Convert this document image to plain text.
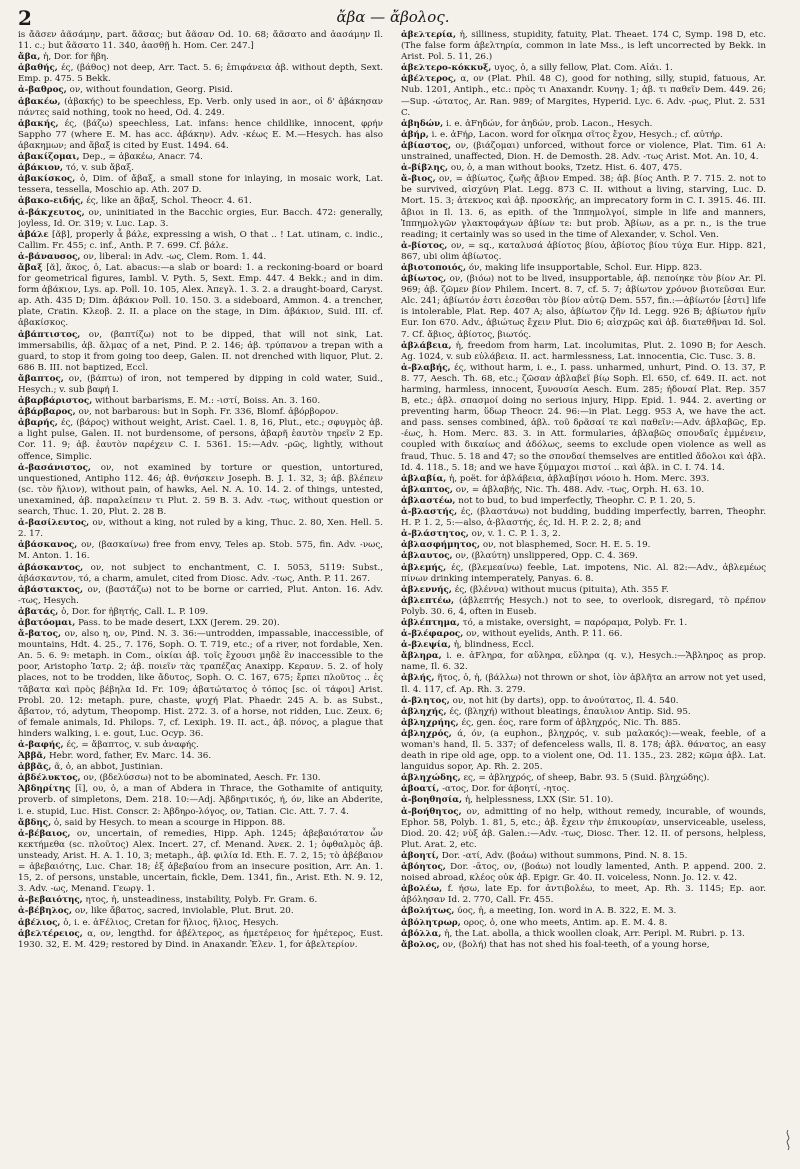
2	ἄβα — ἄβολος.

is ἄᾶσεν ἀᾶσάμην, part. ἄᾶσας; but ἄᾶσαν Od. 10. 68; ἄᾶσατο and ἀασάμην Il. 11. c.; but ἄᾶσατο 11. 340, ἀασθῇ h. Hom. Cer. 247.]

ἄβα, ἡ, Dor. for ἥβη.

ἀβαθής, ές, (βάθος) not deep, Arr. Tact. 5. 6; ἐπιφάνεια ἀβ. without depth, Sext. Emp. p. 475. 5 Bekk.

ἀ-βαθρος, ον, without foundation, Georg. Pisid.

ἀβακέω, (ἀβακής) to be speechless, Ep. Verb. only used in aor., οἱ δ' ἀβάκησαν πάντες said nothing, took no heed, Od. 4. 249.

ἀβακής, ές, (βάζω) speechless, Lat. infans: hence childlike, innocent, φρήν Sappho 77 (where E. M. has acc. ἀβάκην). Adv. -κέως E. M.—Hesych. has also ἀβακημων; and ἄβαξ is cited by Eust. 1494. 64.

ἀβακίζομαι, Dep., = ἀβακέω, Anacr. 74.

ἀβάκιον, τό, v. sub ἄβαξ.

ἀβακίσκος, ὁ, Dim. of ἄβαξ, a small stone for inlaying, in mosaic work, Lat. tessera, tessella, Moschio ap. Ath. 207 D.

ἀβακο-ειδής, ές, like an ἄβαξ, Schol. Theocr. 4. 61.

ἀ-βάκχευτος, ον, uninitiated in the Bacchic orgies, Eur. Bacch. 472: generally, joyless, Id. Or. 319; v. Luc. Lap. 3.

ἀβάλε [ᾰβ], properly ἆ βάλε, expressing a wish, O that .. ! Lat. utinam, c. indic., Callim. Fr. 455; c. inf., Anth. P. 7. 699. Cf. βάλε.

ἀ-βάναυσος, ον, liberal: in Adv. -ως, Clem. Rom. 1. 44.

ἄβαξ [ᾰ], ἄκος, ὁ, Lat. abacus:—a slab or board: 1. a reckoning-board or board for geometrical figures, Iambl. V. Pyth. 5, Sext. Emp. 447. 4 Bekk.; and in dim. form ἀβάκιον, Lys. ap. Poll. 10. 105, Alex. Ἀπεγλ. 1. 3. 2. a draught-board, Caryst. ap. Ath. 435 D; Dim. ἀβάκιον Poll. 10. 150. 3. a sideboard, Ammon. 4. a trencher, plate, Cratin. Κλεοβ. 2. II. a place on the stage, in Dim. ἀβάκιον, Suid. III. cf. ἀβακίσκος.

ἀβάπτιστος, ον, (βαπτίζω) not to be dipped, that will not sink, Lat. immersabilis, ἀβ. ἅλμας of a net, Pind. P. 2. 146; ἀβ. τρύπανον a trepan with a guard, to stop it from going too deep, Galen. II. not drenched with liquor, Plut. 2. 686 B. III. not baptized, Eccl.

ἄβαπτος, ον, (βάπτω) of iron, not tempered by dipping in cold water, Suid., Hesych.; v. sub βαφή I.

ἀβαρβάριστος, without barbarisms, E. M.: -ιστί, Boiss. An. 3. 160.

ἀβάρβαρος, ον, not barbarous: but in Soph. Fr. 336, Blomf. ἀβόρβορον.

ἀβαρής, ές, (βάρος) without weight, Arist. Cael. 1. 8, 16, Plut., etc.; σφυγμὸς ἀβ. a light pulse, Galen. II. not burdensome, of persons, ἀβαρῆ ἑαυτὸν τηρεῖν 2 Ep. Cor. 11. 9; ἀβ. ἑαυτὸν παρέχειν C. I. 5361. 15:—Adv. -ρῶς, lightly, without offence, Simplic.

ἀ-βασάνιστος, ον, not examined by torture or question, untortured, unquestioned, Antipho 112. 46; ἀβ. θνήσκειν Joseph. B. J. 1. 32, 3; ἀβ. βλέπειν (sc. τὸν ἥλιον), without pain, of hawks, Ael. N. A. 10. 14. 2. of things, untested, unexamined, ἀβ. παραλείπειν τι Plut. 2. 59 B. 3. Adv. -τως, without question or search, Thuc. 1. 20, Plut. 2. 28 B.

ἀ-βασίλευτος, ον, without a king, not ruled by a king, Thuc. 2. 80, Xen. Hell. 5. 2. 17.

ἀβάσκανος, ον, (βασκαίνω) free from envy, Teles ap. Stob. 575, fin. Adv. -νως, M. Anton. 1. 16.

ἀβάσκαντος, ον, not subject to enchantment, C. I. 5053, 5119: Subst., ἀβάσκαντον, τό, a charm, amulet, cited from Diosc. Adv. -τως, Anth. P. 11. 267.

ἀβάστακτος, ον, (βαστάζω) not to be borne or carried, Plut. Anton. 16. Adv. -τως, Hesych.

ἀβατάς, ὁ, Dor. for ἡβητής, Call. L. P. 109.

ἀβατόομαι, Pass. to be made desert, LXX (Jerem. 29. 20).

ἄ-βατος, ον, also η, ον, Pind. N. 3. 36:—untrodden, impassable, inaccessible, of mountains, Hdt. 4. 25., 7. 176, Soph. O. T. 719, etc.; of a river, not fordable, Xen. An. 5. 6. 9: metaph. in Com., οἰκίαι ἀβ. τοῖς ἔχουσι μηδὲ ἓν inaccessible to the poor, Aristopho Ἰατρ. 2; ἀβ. ποιεῖν τὰς τραπέζας Anaxipp. Κεραυν. 5. 2. of holy places, not to be trodden, like ἄδυτος, Soph. O. C. 167, 675; ἔρπει πλοῦτος .. ἐς τἄβατα καὶ πρὸς βέβηλα Id. Fr. 109; ἀβατώτατος ὁ τόπος [sc. οἱ τάφοι] Arist. Probl. 20. 12: metaph. pure, chaste, ψυχή Plat. Phaedr. 245 A. b. as Subst., ἄβατον, τό, adytum, Theopomp. Hist. 272. 3. of a horse, not ridden, Luc. Zeux. 6; of female animals, Id. Philops. 7, cf. Lexiph. 19. II. act., ἀβ. πόνος, a plague that hinders walking, i. e. gout, Luc. Ocyp. 36.

ἀ-βαφής, ές, = ἄβαπτος, v. sub ἀναφής.

Ἀββᾶ, Hebr. word, father, Ev. Marc. 14. 36.

ἀββᾶς, ᾶ, ὁ, an abbot, Justinian.

ἀβδέλυκτος, ον, (βδελύσσω) not to be abominated, Aesch. Fr. 130.

Ἀβδηρίτης [ῑ], ου, ὁ, a man of Abdera in Thrace, the Gothamite of antiquity, proverb. of simpletons, Dem. 218. 10:—Adj. Ἀβδηριτικός, ή, όν, like an Abderite, i. e. stupid, Luc. Hist. Conscr. 2: Ἀβδηρο-λόγος, ον, Tatian. Cic. Att. 7. 7. 4.

ἄβδης, ὁ, said by Hesych. to mean a scourge in Hippon. 88.

ἀ-βέβαιος, ον, uncertain, of remedies, Hipp. Aph. 1245; ἀβεβαιότατον ὧν κεκτήμεθα (sc. πλοῦτος) Alex. Incert. 27, cf. Menand. Ἀνεκ. 2. 1; ὀφθαλμὸς ἀβ. unsteady, Arist. H. A. 1. 10, 3; metaph., ἀβ. φιλία Id. Eth. E. 7. 2, 15; τὸ ἀβέβαιον = ἀβεβαιότης, Luc. Char. 18; ἐξ ἀβεβαίου from an insecure position, Arr. An. 1. 15, 2. of persons, unstable, uncertain, fickle, Dem. 1341, fin., Arist. Eth. N. 9. 12, 3. Adv. -ως, Menand. Γεωργ. 1.

ἀ-βεβαιότης, ητος, ἡ, unsteadiness, instability, Polyb. Fr. Gram. 6.

ἀ-βέβηλος, ον, like ἄβατος, sacred, inviolable, Plut. Brut. 20.

ἀβέλιος, ὁ, i. e. ἀFέλιος, Cretan for ἥλιος, ἥλιος, Hesych.

ἀβελτέρειος, α, ον, lengthd. for ἀβέλτερος, as ἡμετέρειος for ἡμέτερος, Eust. 1930. 32, E. M. 429; restored by Dind. in Anaxandr. Ἑλεν. 1, for ἀβελτερίον.

ἀβελτερία, ἡ, silliness, stupidity, fatuity, Plat. Theaet. 174 C, Symp. 198 D, etc. (The false form ἀβελτηρία, common in late Mss., is left uncorrected by Bekk. in Arist. Pol. 5. 11, 26.)

ἀβελτερο-κόκκυξ, υγος, ὁ, a silly fellow, Plat. Com. Αἰάι. 1.

ἀβέλτερος, α, ον (Plat. Phil. 48 C), good for nothing, silly, stupid, fatuous, Ar. Nub. 1201, Antiph., etc.: πρὸς τι Anaxandr. Κυνηγ. 1; ἀβ. τι παθεῖν Dem. 449. 26;—Sup. -ώτατος, Ar. Ran. 989; of Margites, Hyperid. Lyc. 6. Adv. -ρως, Plut. 2. 531 C.

ἀβηδών, i. e. ἀFηδών, for ἀηδών, prob. Lacon., Hesych.

ἀβήρ, i. e. ἀFήρ, Lacon. word for οἴκημα σῖτος ἔχον, Hesych.; cf. αὐτήρ.

ἀβίαστος, ον, (βιάζομαι) unforced, without force or violence, Plat. Tim. 61 A: unstrained, unaffected, Dion. H. de Demosth. 28. Adv. -τως Arist. Mot. An. 10, 4.

ἀ-βίβλης, ου, ὁ, a man without books, Tzetz. Hist. 6. 407, 475.

ἄ-βιος, ον, = ἀβίωτος, ζωῆς ἄβιον Emped. 38; ἀβ. βίος Anth. P. 7. 715. 2. not to be survived, αἰσχύνη Plat. Legg. 873 C. II. without a living, starving, Luc. D. Mort. 15. 3; ἀτεκνος καὶ ἀβ. προσκλής, an imprecatory form in C. I. 3915. 46. III. ἄβιοι in Il. 13. 6, as epith. of the Ἱππημολγοί, simple in life and manners, Ἱππημολγῶν γλακτοφάγων ἀβίων τε: but prob. Ἀβίων, as a pr. n., is the true reading; it certainly was so used in the time of Alexander, v. Schol. Ven.

ἀ-βίοτος, ον, = sq., καταλυσά ἀβίοτος βίου, ἀβίοτος βίου τύχα Eur. Hipp. 821, 867, ubi olim ἀβίωτος.

ἀβιοτοποιός, όν, making life insupportable, Schol. Eur. Hipp. 823.

ἀβίωτος, ον, (βιόω) not to be lived, insupportable, ἀβ. πεποίηκε τὸν βίον Ar. Pl. 969; ἀβ. ζῶμεν βίον Philem. Incert. 8. 7, cf. 5. 7; ἀβίωτον χρόνον βιοτεῦσαι Eur. Alc. 241; ἀβίωτόν ἐστι ἐσεσθαι τὸν βίον αὐτῷ Dem. 557, fin.:—ἀβίωτόν [ἐστι] life is intolerable, Plat. Rep. 407 A; also, ἀβίωτον ζῆν Id. Legg. 926 B; ἀβίωτον ἡμῖν Eur. Ion 670. Adv., ἀβιώτως ἔχειν Plut. Dio 6; αἰσχρῶς καὶ ἀβ. διατεθῆναι Id. Sol. 7. Cf. ἄβιος, ἀβίοτος, βιωτός.

ἀβλάβεια, ἡ, freedom from harm, Lat. incolumitas, Plut. 2. 1090 B; for Aesch. Ag. 1024, v. sub εὐλάβεια. II. act. harmlessness, Lat. innocentia, Cic. Tusc. 3. 8.

ἀ-βλαβής, ές, without harm, i. e., I. pass. unharmed, unhurt, Pind. O. 13. 37, P. 8. 77, Aesch. Th. 68, etc.; ζῶσαν ἀβλαβεῖ βίῳ Soph. El. 650, cf. 649. II. act. not harming, harmless, innocent, ξυνουσία Aesch. Eum. 285; ἡδοναί Plat. Rep. 357 B, etc.; ἀβλ. σπασμοί doing no serious injury, Hipp. Epid. 1. 944. 2. averting or preventing harm, ὕδωρ Theocr. 24. 96:—in Plat. Legg. 953 A, we have the act. and pass. senses combined, ἀβλ. τοῦ δρᾶσαί τε καὶ παθεῖν:—Adv. ἀβλαβῶς, Ep. -έως, h. Hom. Merc. 83. 3. in Att. formularies, ἀβλαβῶς σπονδαῖς ἐμμένειν, coupled with δικαίως and ἀδόλως, seems to exclude open violence as well as fraud, Thuc. 5. 18 and 47; so the σπονδαί themselves are entitled ἄδολοι καὶ ἀβλ. Id. 4. 118., 5. 18; and we have ξύμμαχοι πιστοί .. καὶ ἀβλ. in C. I. 74. 14.

ἀβλαβία, ἡ, poët. for ἀβλάβεια, ἀβλαβίῃσι νόοιο h. Hom. Merc. 393.

ἀβλαπτος, ον, = ἀβλαβής, Nic. Th. 488. Adv. -τως, Orph. H. 63. 10.

ἀβλαστέω, not to bud, to bud imperfectly, Theophr. C. P. 1. 20, 5.

ἀ-βλαστής, ές, (βλαστάνω) not budding, budding imperfectly, barren, Theophr. H. P. 1. 2, 5:—also, ἀ-βλαστής, ές, Id. H. P. 2. 2, 8; and

ἀ-βλάστητος, ον, v. 1. C. P. 1. 3, 2.

ἀβλασφήμητος, ον, not blasphemed, Socr. H. E. 5. 19.

ἀβλαυτος, ον, (βλαύτη) unslippered, Opp. C. 4. 369.

ἀβλεμής, ές, (βλεμεαίνω) feeble, Lat. impotens, Nic. Al. 82:—Adv., ἀβλεμέως πίνων drinking intemperately, Panyas. 6. 8.

ἀβλεννής, ές, (βλέννα) without mucus (pituita), Ath. 355 F.

ἀβλεπτέω, (ἀβλεπτής Hesych.) not to see, to overlook, disregard, τὸ πρέπον Polyb. 30. 6, 4, often in Euseb.

ἀβλέπτημα, τό, a mistake, oversight, = παρόραμα, Polyb. Fr. 1.

ἀ-βλέφαρος, ον, without eyelids, Anth. P. 11. 66.

ἀ-βλεψία, ἡ, blindness, Eccl.

ἄβληρα, i. e. ἀFληρα, for αὔληρα, εὔληρα (q. v.), Hesych.:—Ἄβληρος as prop. name, Il. 6. 32.

ἀβλής, ῆτος, ὁ, ἡ, (βάλλω) not thrown or shot, ἰὸν ἀβλῆτα an arrow not yet used, Il. 4. 117, cf. Ap. Rh. 3. 279.

ἀ-βλητος, ον, not hit (by darts), opp. to ἀνούτατος, Il. 4. 540.

ἀβληχής, ές, (βληχή) without bleatings, ἐπαυλιον Antip. Sid. 95.

ἀβληχρήης, ές, gen. έος, rare form of ἀβληχρός, Nic. Th. 885.

ἀβληχρός, ά, όν, (a euphon., βληχρός, v. sub μαλακός):—weak, feeble, of a woman's hand, Il. 5. 337; of defenceless walls, Il. 8. 178; ἀβλ. θάνατος, an easy death in ripe old age, opp. to a violent one, Od. 11. 135., 23. 282; κῶμα ἀβλ. Lat. languidus sopor, Ap. Rh. 2. 205.

ἀβληχώδης, ες, = ἀβληχρός, of sheep, Babr. 93. 5 (Suid. βληχώδης).

ἀβοατί, -ατος, Dor. for ἀβοητί, -ητος.

ἀ-βοηθησία, ἡ, helplessness, LXX (Sir. 51. 10).

ἀ-βοήθητος, ον, admitting of no help, without remedy, incurable, of wounds, Ephor. 58, Polyb. 1. 81, 5, etc.; ἀβ. ἔχειν τὴν ἐπικουρίαν, unserviceable, useless, Diod. 20. 42; νὺξ ἀβ. Galen.:—Adv. -τως, Diosc. Ther. 12. II. of persons, helpless, Plut. Arat. 2, etc.

ἀβοητί, Dor. -ατί, Adv. (βοάω) without summons, Pind. N. 8. 15.

ἀβόητος, Dor. -ᾱτος, ον, (βοάω) not loudly lamented, Anth. P. append. 200. 2. noised abroad, κλέος οὐκ ἀβ. Epigr. Gr. 40. II. voiceless, Nonn. Jo. 12. v. 42.

ἀβολέω, f. ήσω, late Ep. for ἀντιβολέω, to meet, Ap. Rh. 3. 1145; Ep. aor. ἀβόλησαν Id. 2. 770, Call. Fr. 455.

ἀβολήτως, ύος, ἡ, a meeting, Ion. word in A. B. 322, E. M. 3.

ἀβόλητρωρ, ορος, ὁ, one who meets, Antim. ap. E. M. 4. 8.

ἀβόλλα, ἡ, the Lat. abolla, a thick woollen cloak, Arr. Peripl. M. Rubri. p. 13.

ἄβολος, ον, (βολή) that has not shed his foal-teeth, of a young horse,
